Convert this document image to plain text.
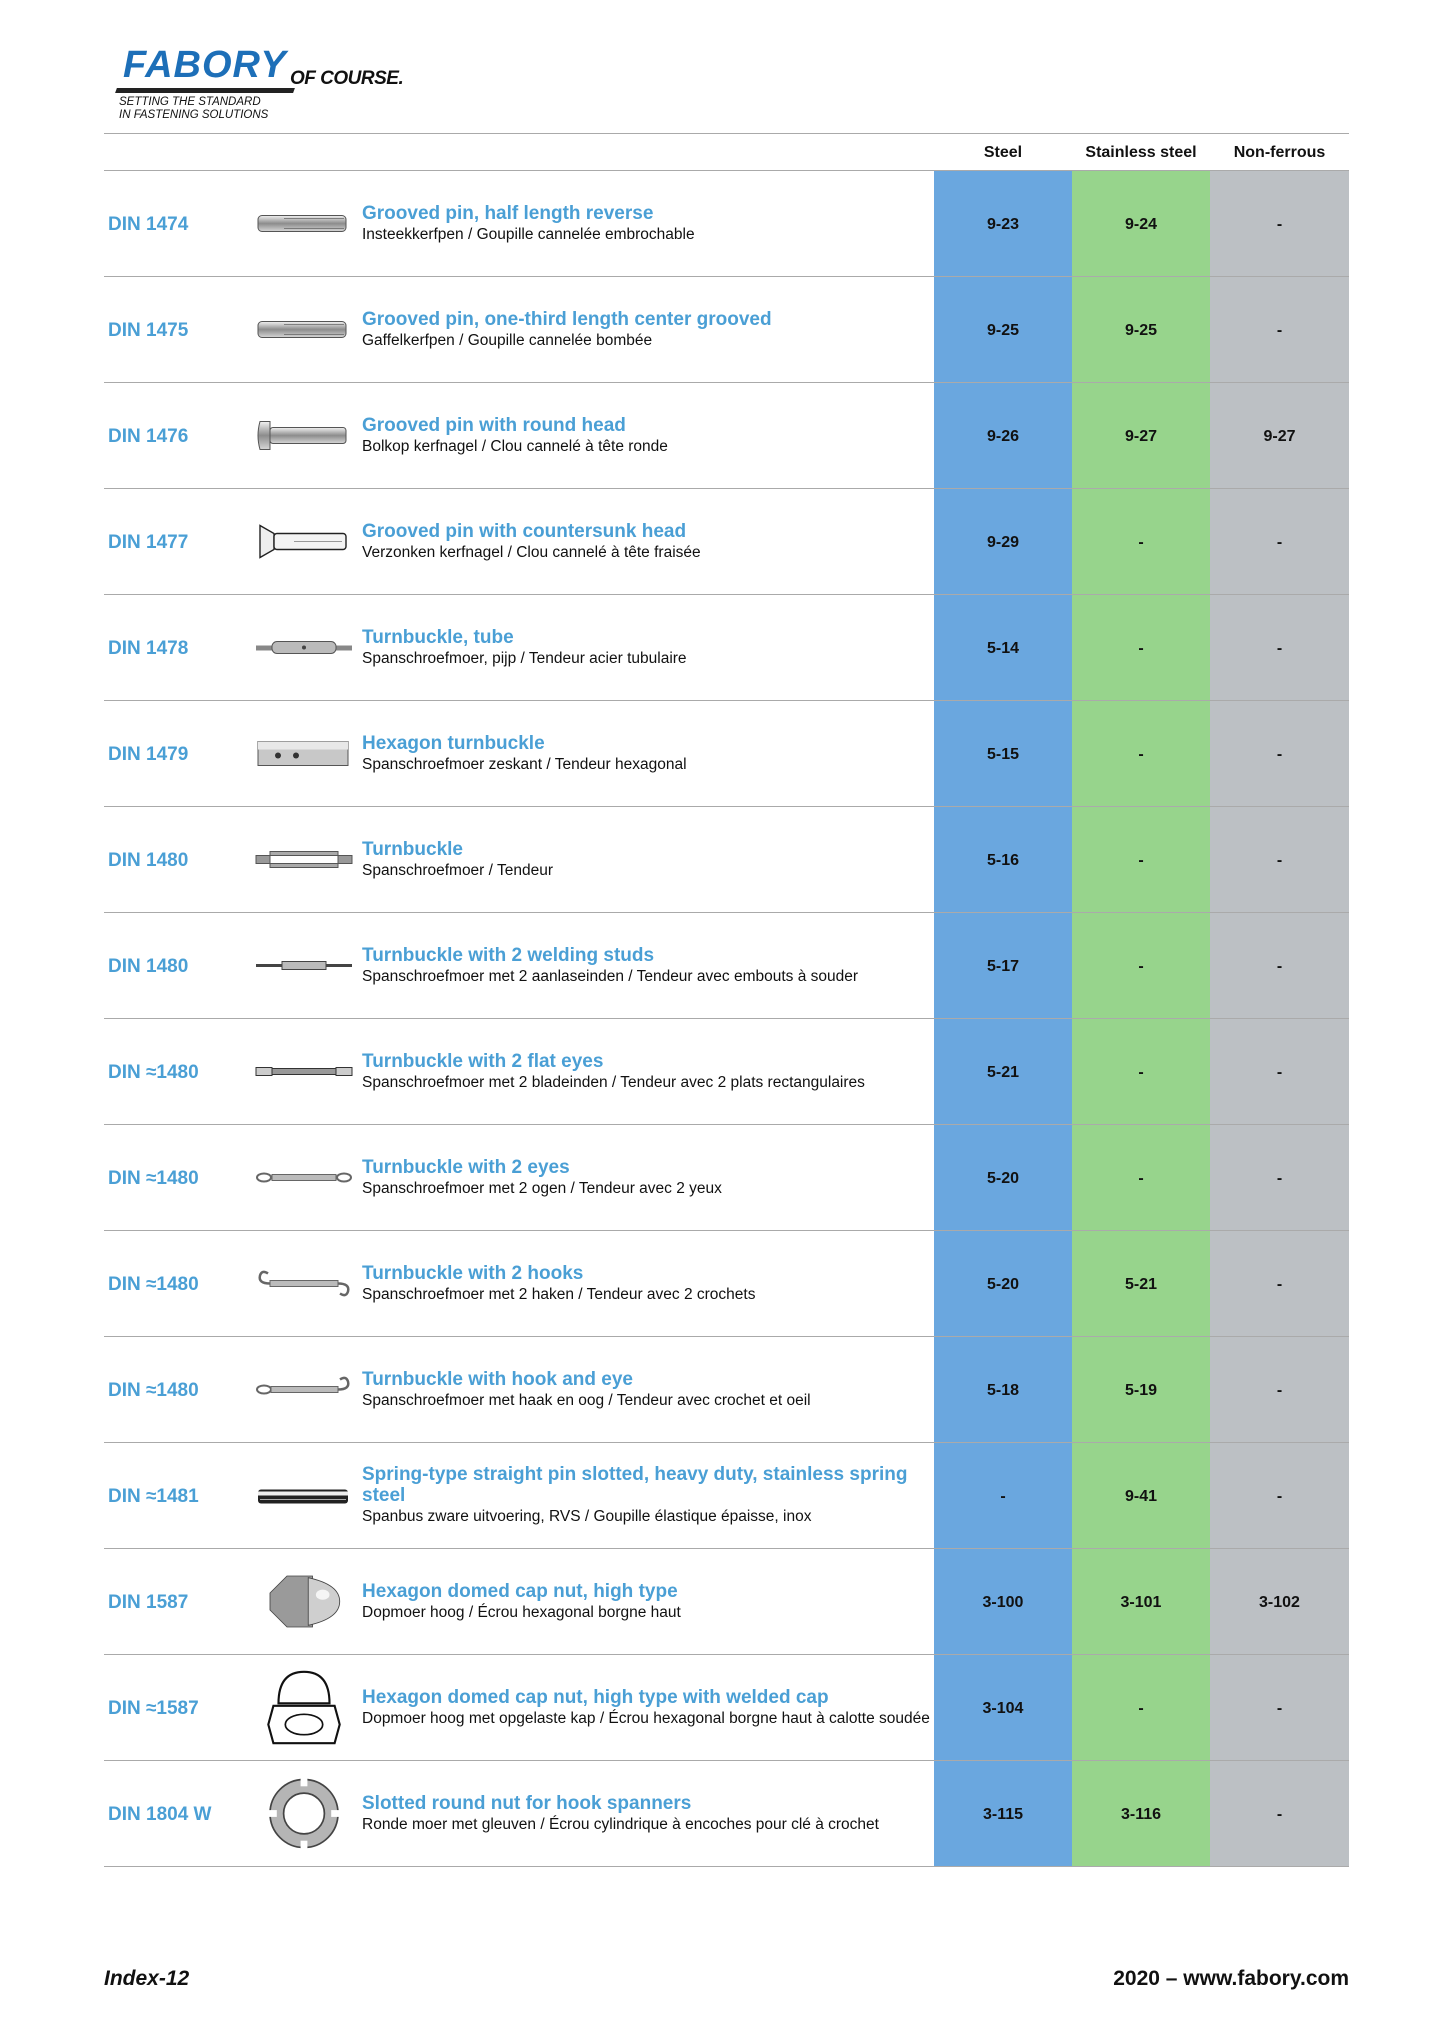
FABORY OF COURSE.
SETTING THE STANDARD
IN FASTENING SOLUTIONS
Steel	Stainless steel	Non-ferrous
DIN 1474
Grooved pin, half length reverse
Insteekkerfpen / Goupille cannelée embrochable
9-23	9-24	-
DIN 1475
Grooved pin, one-third length center grooved
Gaffelkerfpen / Goupille cannelée bombée
9-25	9-25	-
DIN 1476
Grooved pin with round head
Bolkop kerfnagel / Clou cannelé à tête ronde
9-26	9-27	9-27
DIN 1477
Grooved pin with countersunk head
Verzonken kerfnagel / Clou cannelé à tête fraisée
9-29	-	-
DIN 1478
Turnbuckle, tube
Spanschroefmoer, pijp / Tendeur acier tubulaire
5-14	-	-
DIN 1479
Hexagon turnbuckle
Spanschroefmoer zeskant / Tendeur hexagonal
5-15	-	-
DIN 1480
Turnbuckle
Spanschroefmoer / Tendeur
5-16	-	-
DIN 1480
Turnbuckle with 2 welding studs
Spanschroefmoer met 2 aanlaseinden / Tendeur avec embouts à souder
5-17	-	-
DIN ≈1480
Turnbuckle with 2 flat eyes
Spanschroefmoer met 2 bladeinden / Tendeur avec 2 plats rectangulaires
5-21	-	-
DIN ≈1480
Turnbuckle with 2 eyes
Spanschroefmoer met 2 ogen / Tendeur avec 2 yeux
5-20	-	-
DIN ≈1480
Turnbuckle with 2 hooks
Spanschroefmoer met 2 haken / Tendeur avec 2 crochets
5-20	5-21	-
DIN ≈1480
Turnbuckle with hook and eye
Spanschroefmoer met haak en oog / Tendeur avec crochet et oeil
5-18	5-19	-
DIN ≈1481
Spring-type straight pin slotted, heavy duty, stainless spring steel
Spanbus zware uitvoering, RVS / Goupille élastique épaisse, inox
-	9-41	-
DIN 1587
Hexagon domed cap nut, high type
Dopmoer hoog / Écrou hexagonal borgne haut
3-100	3-101	3-102
DIN ≈1587
Hexagon domed cap nut, high type with welded cap
Dopmoer hoog met opgelaste kap / Écrou hexagonal borgne haut à calotte soudée
3-104	-	-
DIN 1804 W
Slotted round nut for hook spanners
Ronde moer met gleuven / Écrou cylindrique à encoches pour clé à crochet
3-115	3-116	-
Index-12	2020 – www.fabory.com
